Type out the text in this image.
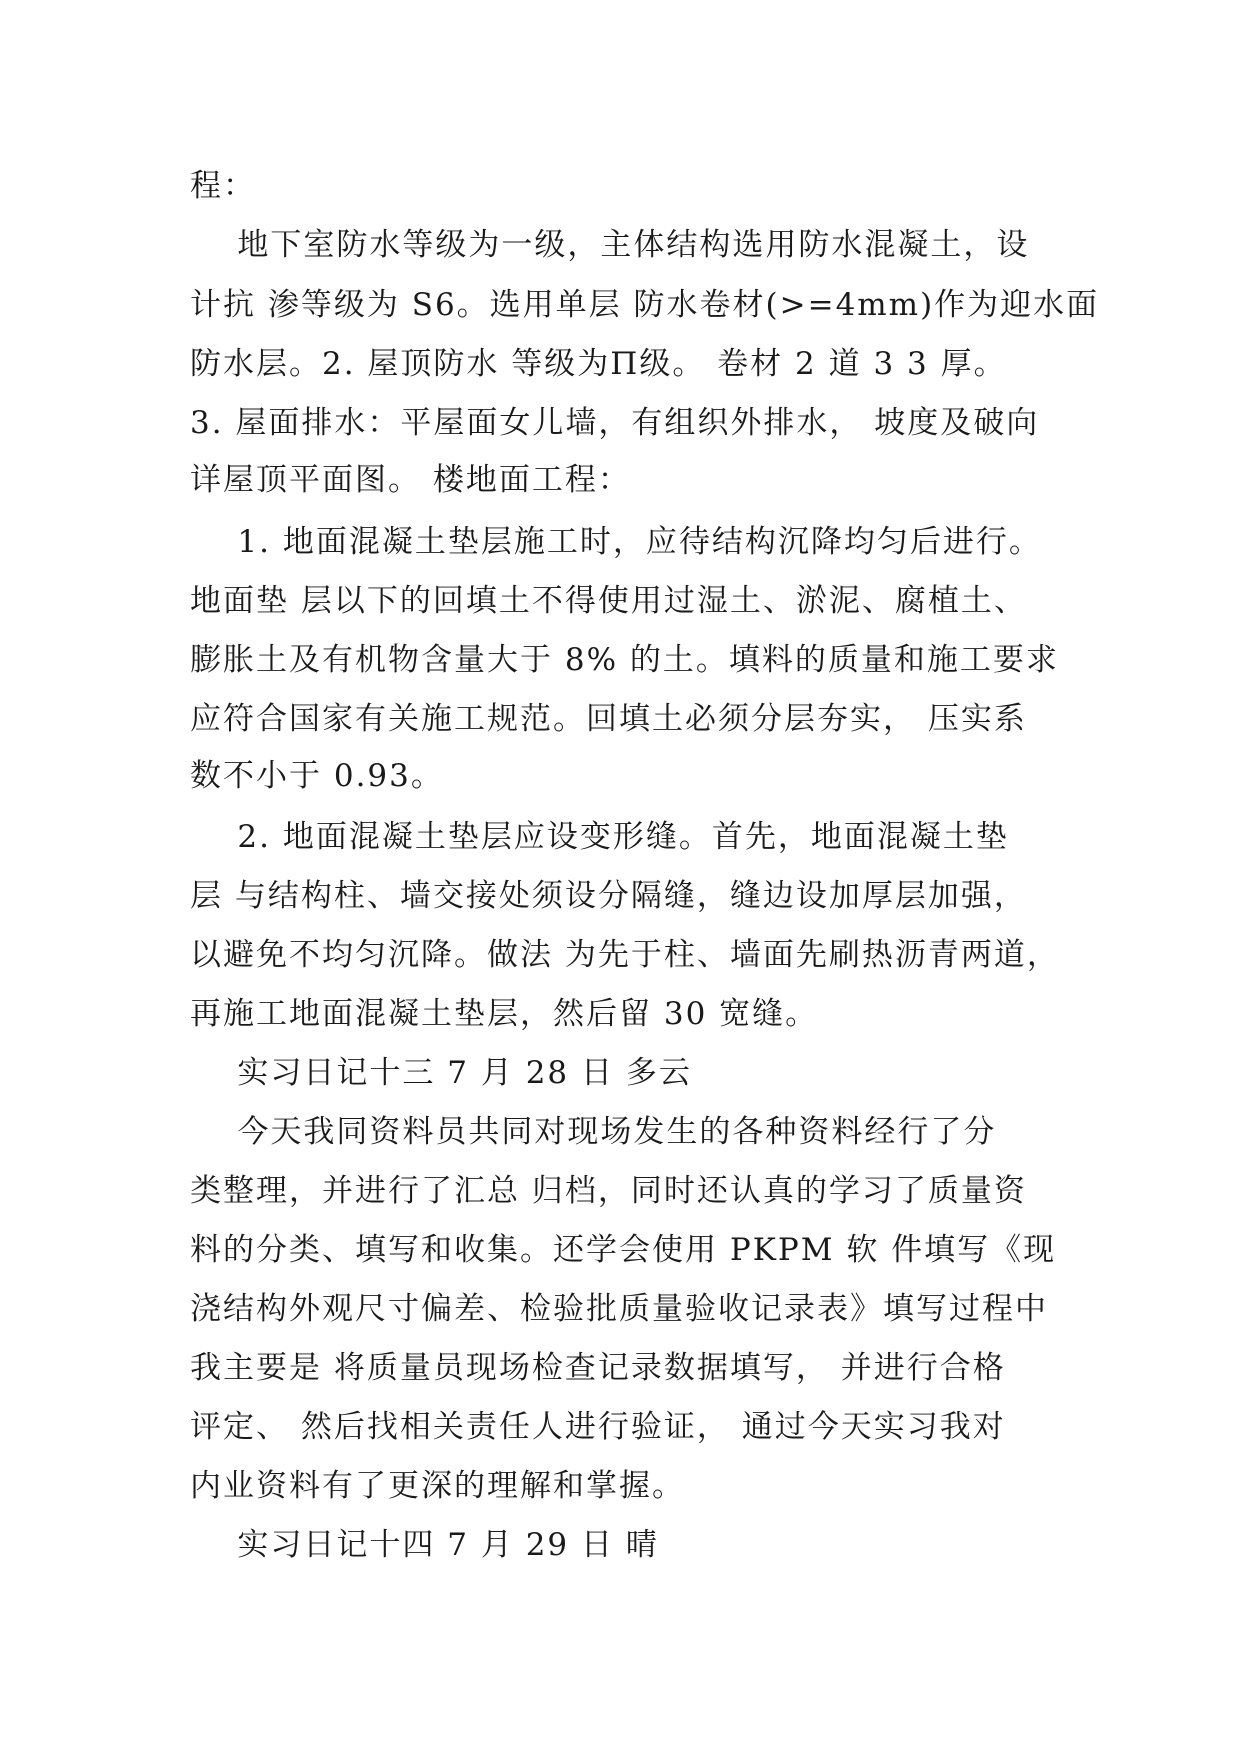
程：
地下室防水等级为一级，主体结构选用防水混凝土，设
计抗 渗等级为 S6。选用单层 防水卷材(>=4mm)作为迎水面
防水层。2. 屋顶防水 等级为Π级。 卷材 2 道 3 3 厚。
3. 屋面排水：平屋面女儿墙，有组织外排水， 坡度及破向
详屋顶平面图。 楼地面工程：
1. 地面混凝土垫层施工时，应待结构沉降均匀后进行。
地面垫 层以下的回填土不得使用过湿土、淤泥、腐植土、
膨胀土及有机物含量大于 8% 的土。填料的质量和施工要求
应符合国家有关施工规范。回填土必须分层夯实， 压实系
数不小于 0.93。
2. 地面混凝土垫层应设变形缝。首先，地面混凝土垫
层 与结构柱、墙交接处须设分隔缝，缝边设加厚层加强，
以避免不均匀沉降。做法 为先于柱、墙面先刷热沥青两道，
再施工地面混凝土垫层，然后留 30 宽缝。
实习日记十三 7 月 28 日 多云
今天我同资料员共同对现场发生的各种资料经行了分
类整理，并进行了汇总 归档，同时还认真的学习了质量资
料的分类、填写和收集。还学会使用 PKPM 软 件填写《现
浇结构外观尺寸偏差、检验批质量验收记录表》填写过程中
我主要是 将质量员现场检查记录数据填写， 并进行合格
评定、 然后找相关责任人进行验证， 通过今天实习我对
内业资料有了更深的理解和掌握。
实习日记十四 7 月 29 日 晴
